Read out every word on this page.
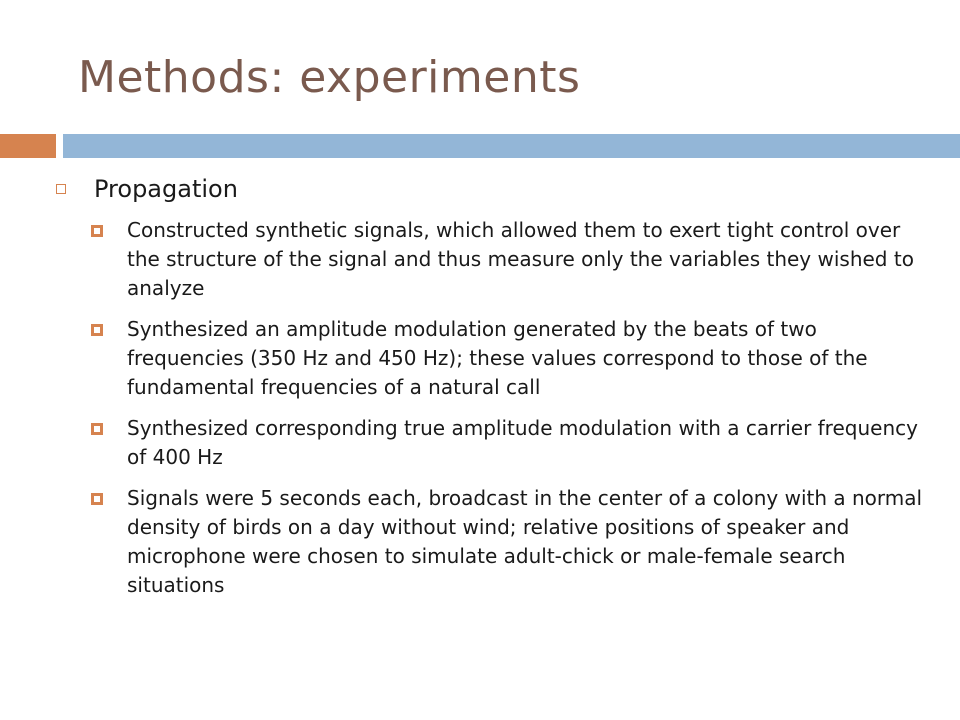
Methods: experiments
Propagation
Constructed synthetic signals, which allowed them to exert tight control over the structure of the signal and thus measure only the variables they wished to analyze
Synthesized an amplitude modulation generated by the beats of two frequencies (350 Hz and 450 Hz); these values correspond to those of the fundamental frequencies of a natural call
Synthesized corresponding true amplitude modulation with a carrier frequency of 400 Hz
Signals were 5 seconds each, broadcast in the center of a colony with a normal density of birds on a day without wind; relative positions of speaker and microphone were chosen to simulate adult-chick or male-female search situations
